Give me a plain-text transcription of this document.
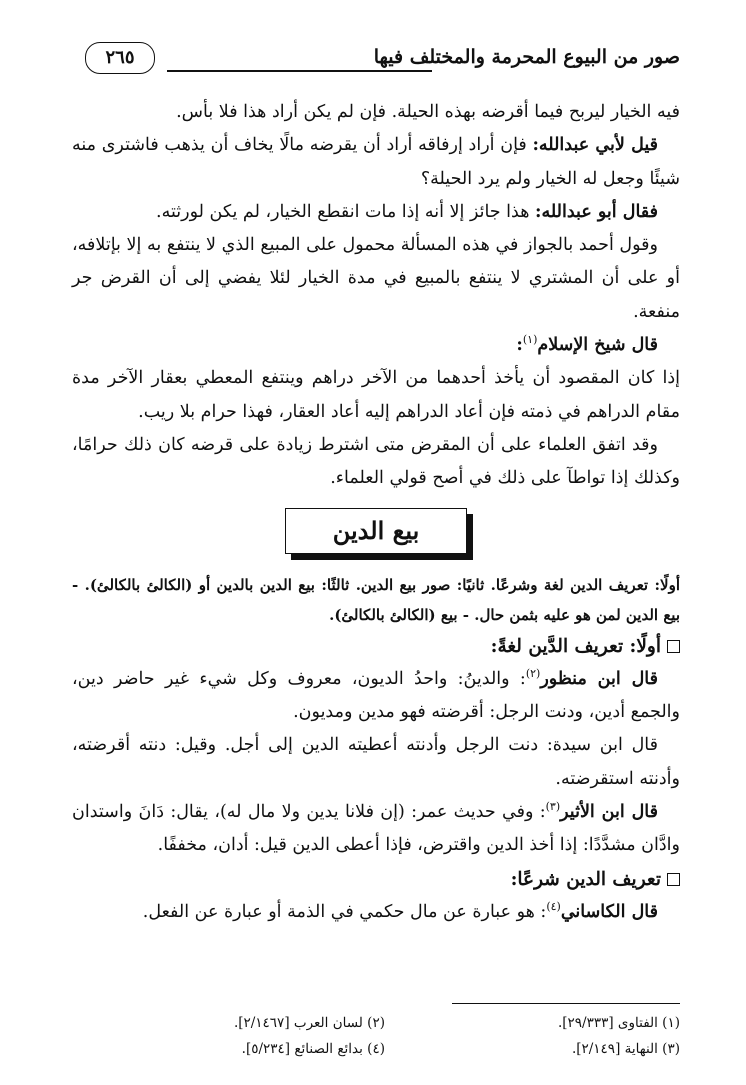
صور من البيوع المحرمة والمختلف فيها
٢٦٥

فيه الخيار ليربح فيما أقرضه بهذه الحيلة. فإن لم يكن أراد هذا فلا بأس.

قيل لأبي عبدالله: فإن أراد إرفاقه أراد أن يقرضه مالًا يخاف أن يذهب فاشترى منه شيئًا وجعل له الخيار ولم يرد الحيلة؟

فقال أبو عبدالله: هذا جائز إلا أنه إذا مات انقطع الخيار، لم يكن لورثته.

وقول أحمد بالجواز في هذه المسألة محمول على المبيع الذي لا ينتفع به إلا بإتلافه، أو على أن المشتري لا ينتفع بالمبيع في مدة الخيار لئلا يفضي إلى أن القرض جر منفعة.

قال شيخ الإسلام$^{(١)}$:

إذا كان المقصود أن يأخذ أحدهما من الآخر دراهم وينتفع المعطي بعقار الآخر مدة مقام الدراهم في ذمته فإن أعاد الدراهم إليه أعاد العقار، فهذا حرام بلا ريب.

وقد اتفق العلماء على أن المقرض متى اشترط زيادة على قرضه كان ذلك حرامًا، وكذلك إذا تواطآ على ذلك في أصح قولي العلماء.

بيع الدين

أولًا: تعريف الدين لغة وشرعًا. ثانيًا: صور بيع الدين. ثالثًا: بيع الدين بالدين أو (الكالئ بالكالئ). - بيع الدين لمن هو عليه بثمن حال. - بيع (الكالئ بالكالئ).

أولًا: تعريف الدَّين لغةً:

قال ابن منظور$^{(٢)}$: والدينُ: واحدُ الديون، معروف وكل شيء غير حاضر دين، والجمع أدين، ودنت الرجل: أقرضته فهو مدين ومديون.

قال ابن سيدة: دنت الرجل وأدنته أعطيته الدين إلى أجل. وقيل: دنته أقرضته، وأدنته استقرضته.

قال ابن الأثير$^{(٣)}$: وفي حديث عمر: (إن فلانا يدين ولا مال له)، يقال: دَانَ واستدان وادَّان مشدَّدًا: إذا أخذ الدين واقترض، فإذا أعطى الدين قيل: أدان، مخففًا.

تعريف الدين شرعًا:

قال الكاساني$^{(٤)}$: هو عبارة عن مال حكمي في الذمة أو عبارة عن الفعل.

(١) الفتاوى [٢٩/٣٣٣].
(٢) لسان العرب [٢/١٤٦٧].
(٣) النهاية [٢/١٤٩].
(٤) بدائع الصنائع [٥/٢٣٤].
